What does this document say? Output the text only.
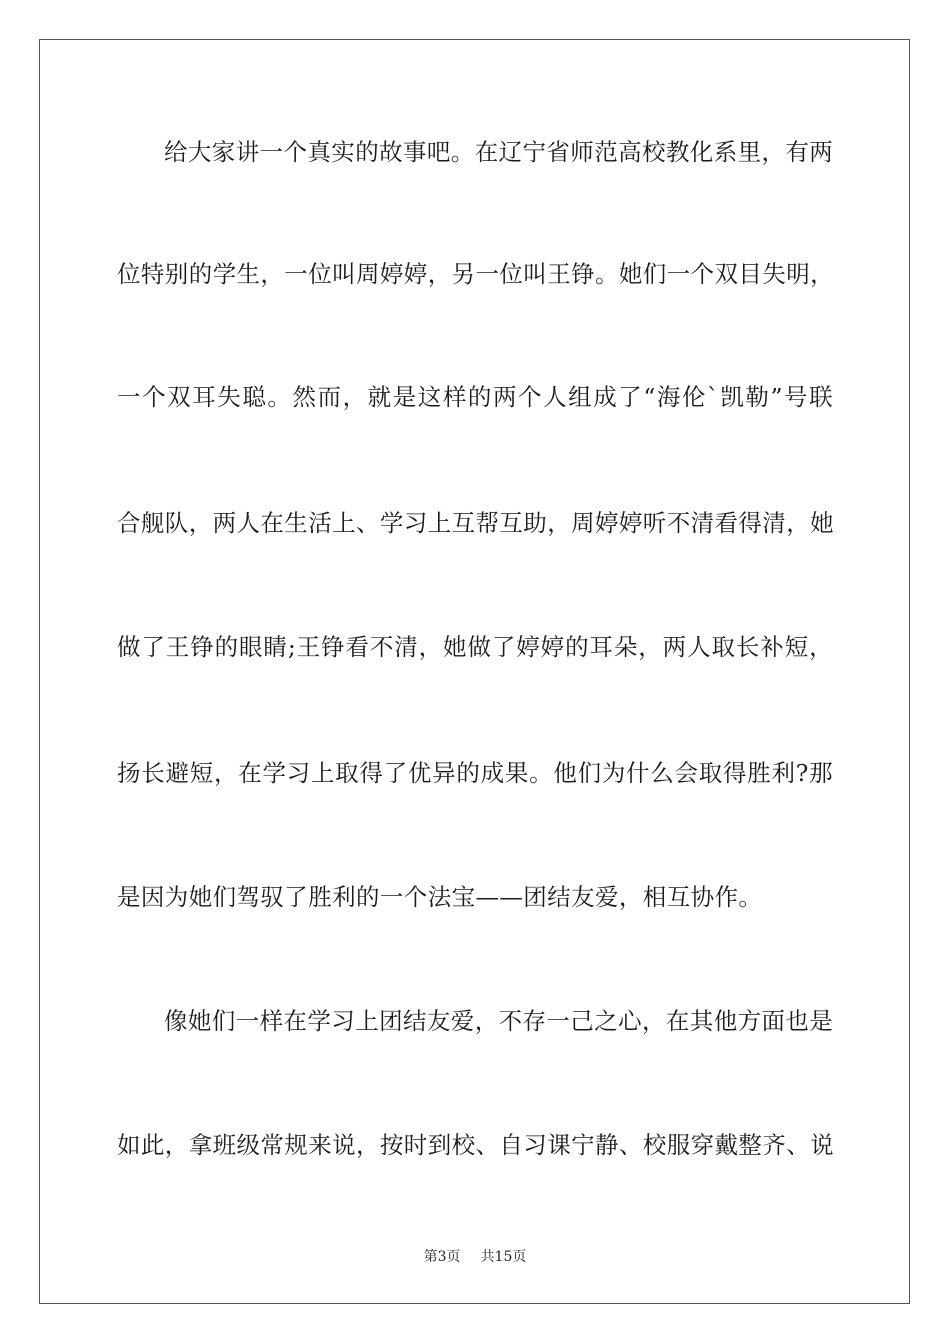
给大家讲一个真实的故事吧。在辽宁省师范高校教化系里，有两
位特别的学生，一位叫周婷婷，另一位叫王铮。她们一个双目失明，
一个双耳失聪。然而，就是这样的两个人组成了“海伦`凯勒”号联
合舰队，两人在生活上、学习上互帮互助，周婷婷听不清看得清，她
做了王铮的眼睛;王铮看不清，她做了婷婷的耳朵，两人取长补短，
扬长避短，在学习上取得了优异的成果。他们为什么会取得胜利?那
是因为她们驾驭了胜利的一个法宝——团结友爱，相互协作。
像她们一样在学习上团结友爱，不存一己之心，在其他方面也是
如此，拿班级常规来说，按时到校、自习课宁静、校服穿戴整齐、说
第3页 共15页
